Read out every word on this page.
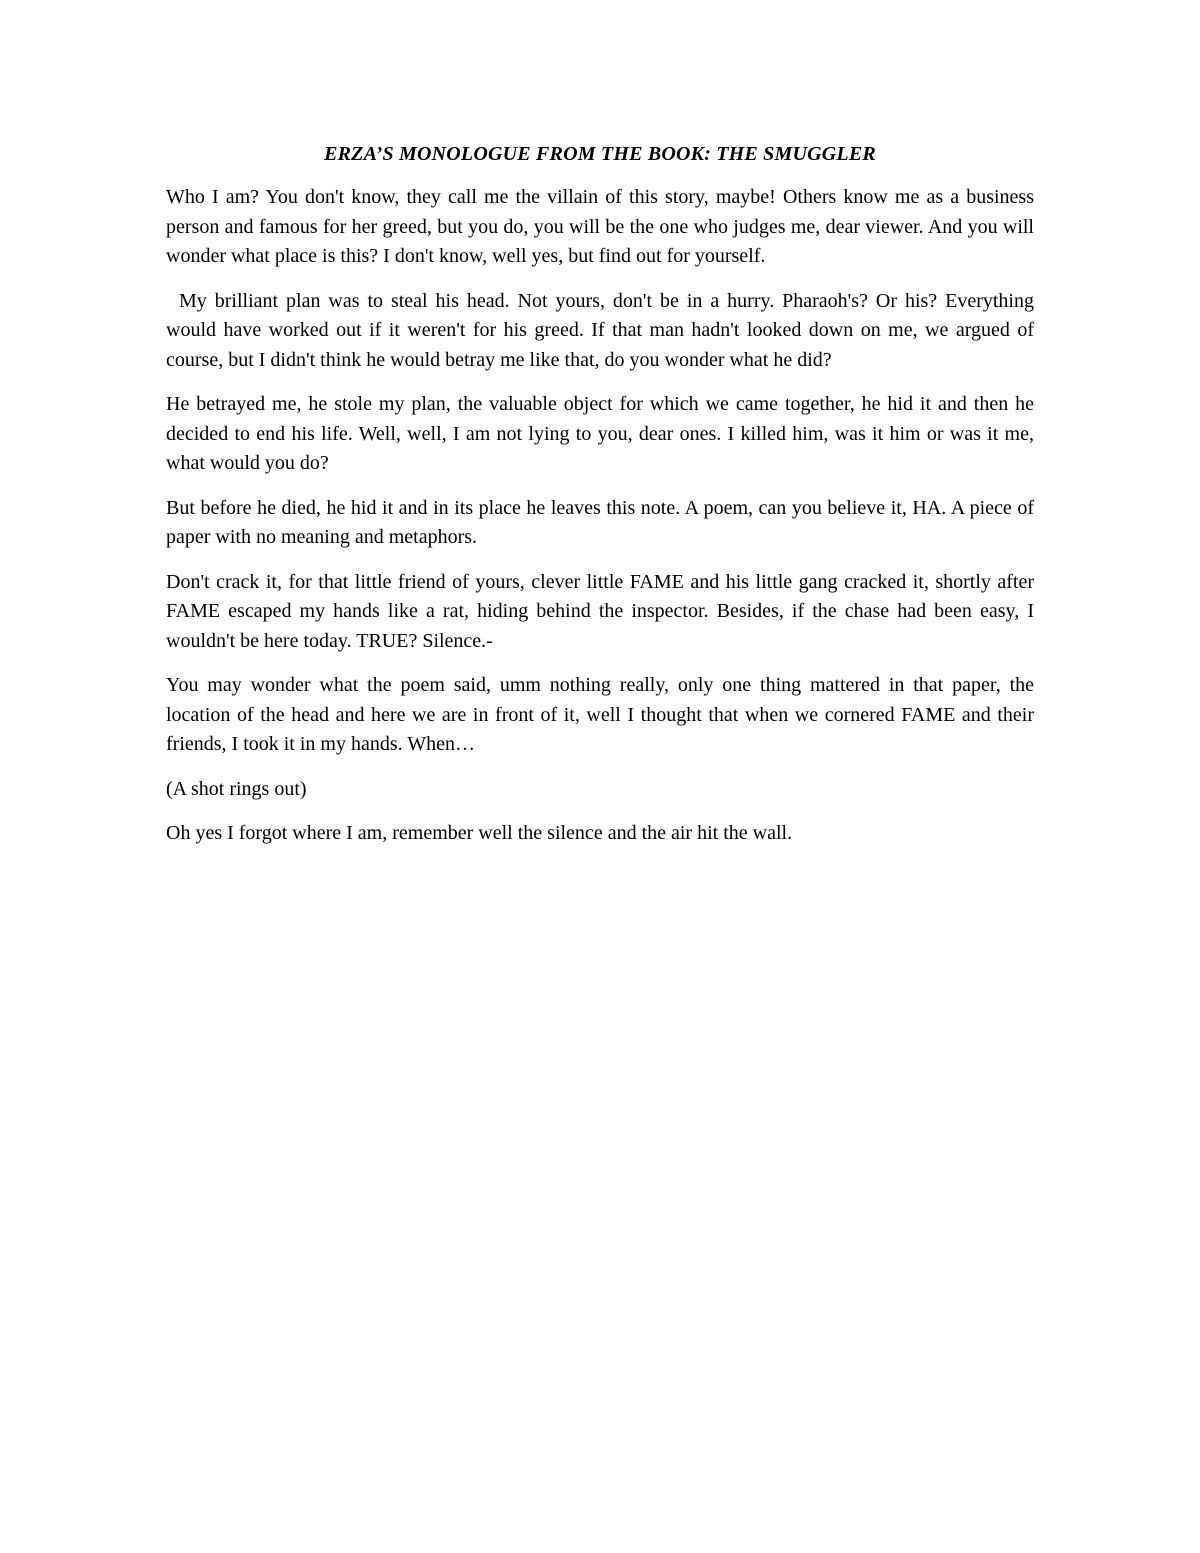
ERZA’S MONOLOGUE FROM THE BOOK: THE SMUGGLER

Who I am? You don't know, they call me the villain of this story, maybe! Others know me as a business person and famous for her greed, but you do, you will be the one who judges me, dear viewer. And you will wonder what place is this? I don't know, well yes, but find out for yourself.

My brilliant plan was to steal his head. Not yours, don't be in a hurry. Pharaoh's? Or his? Everything would have worked out if it weren't for his greed. If that man hadn't looked down on me, we argued of course, but I didn't think he would betray me like that, do you wonder what he did?

He betrayed me, he stole my plan, the valuable object for which we came together, he hid it and then he decided to end his life. Well, well, I am not lying to you, dear ones. I killed him, was it him or was it me, what would you do?

But before he died, he hid it and in its place he leaves this note. A poem, can you believe it, HA. A piece of paper with no meaning and metaphors.

Don't crack it, for that little friend of yours, clever little FAME and his little gang cracked it, shortly after FAME escaped my hands like a rat, hiding behind the inspector. Besides, if the chase had been easy, I wouldn't be here today. TRUE? Silence.-

You may wonder what the poem said, umm nothing really, only one thing mattered in that paper, the location of the head and here we are in front of it, well I thought that when we cornered FAME and their friends, I took it in my hands. When…

(A shot rings out)

Oh yes I forgot where I am, remember well the silence and the air hit the wall.
